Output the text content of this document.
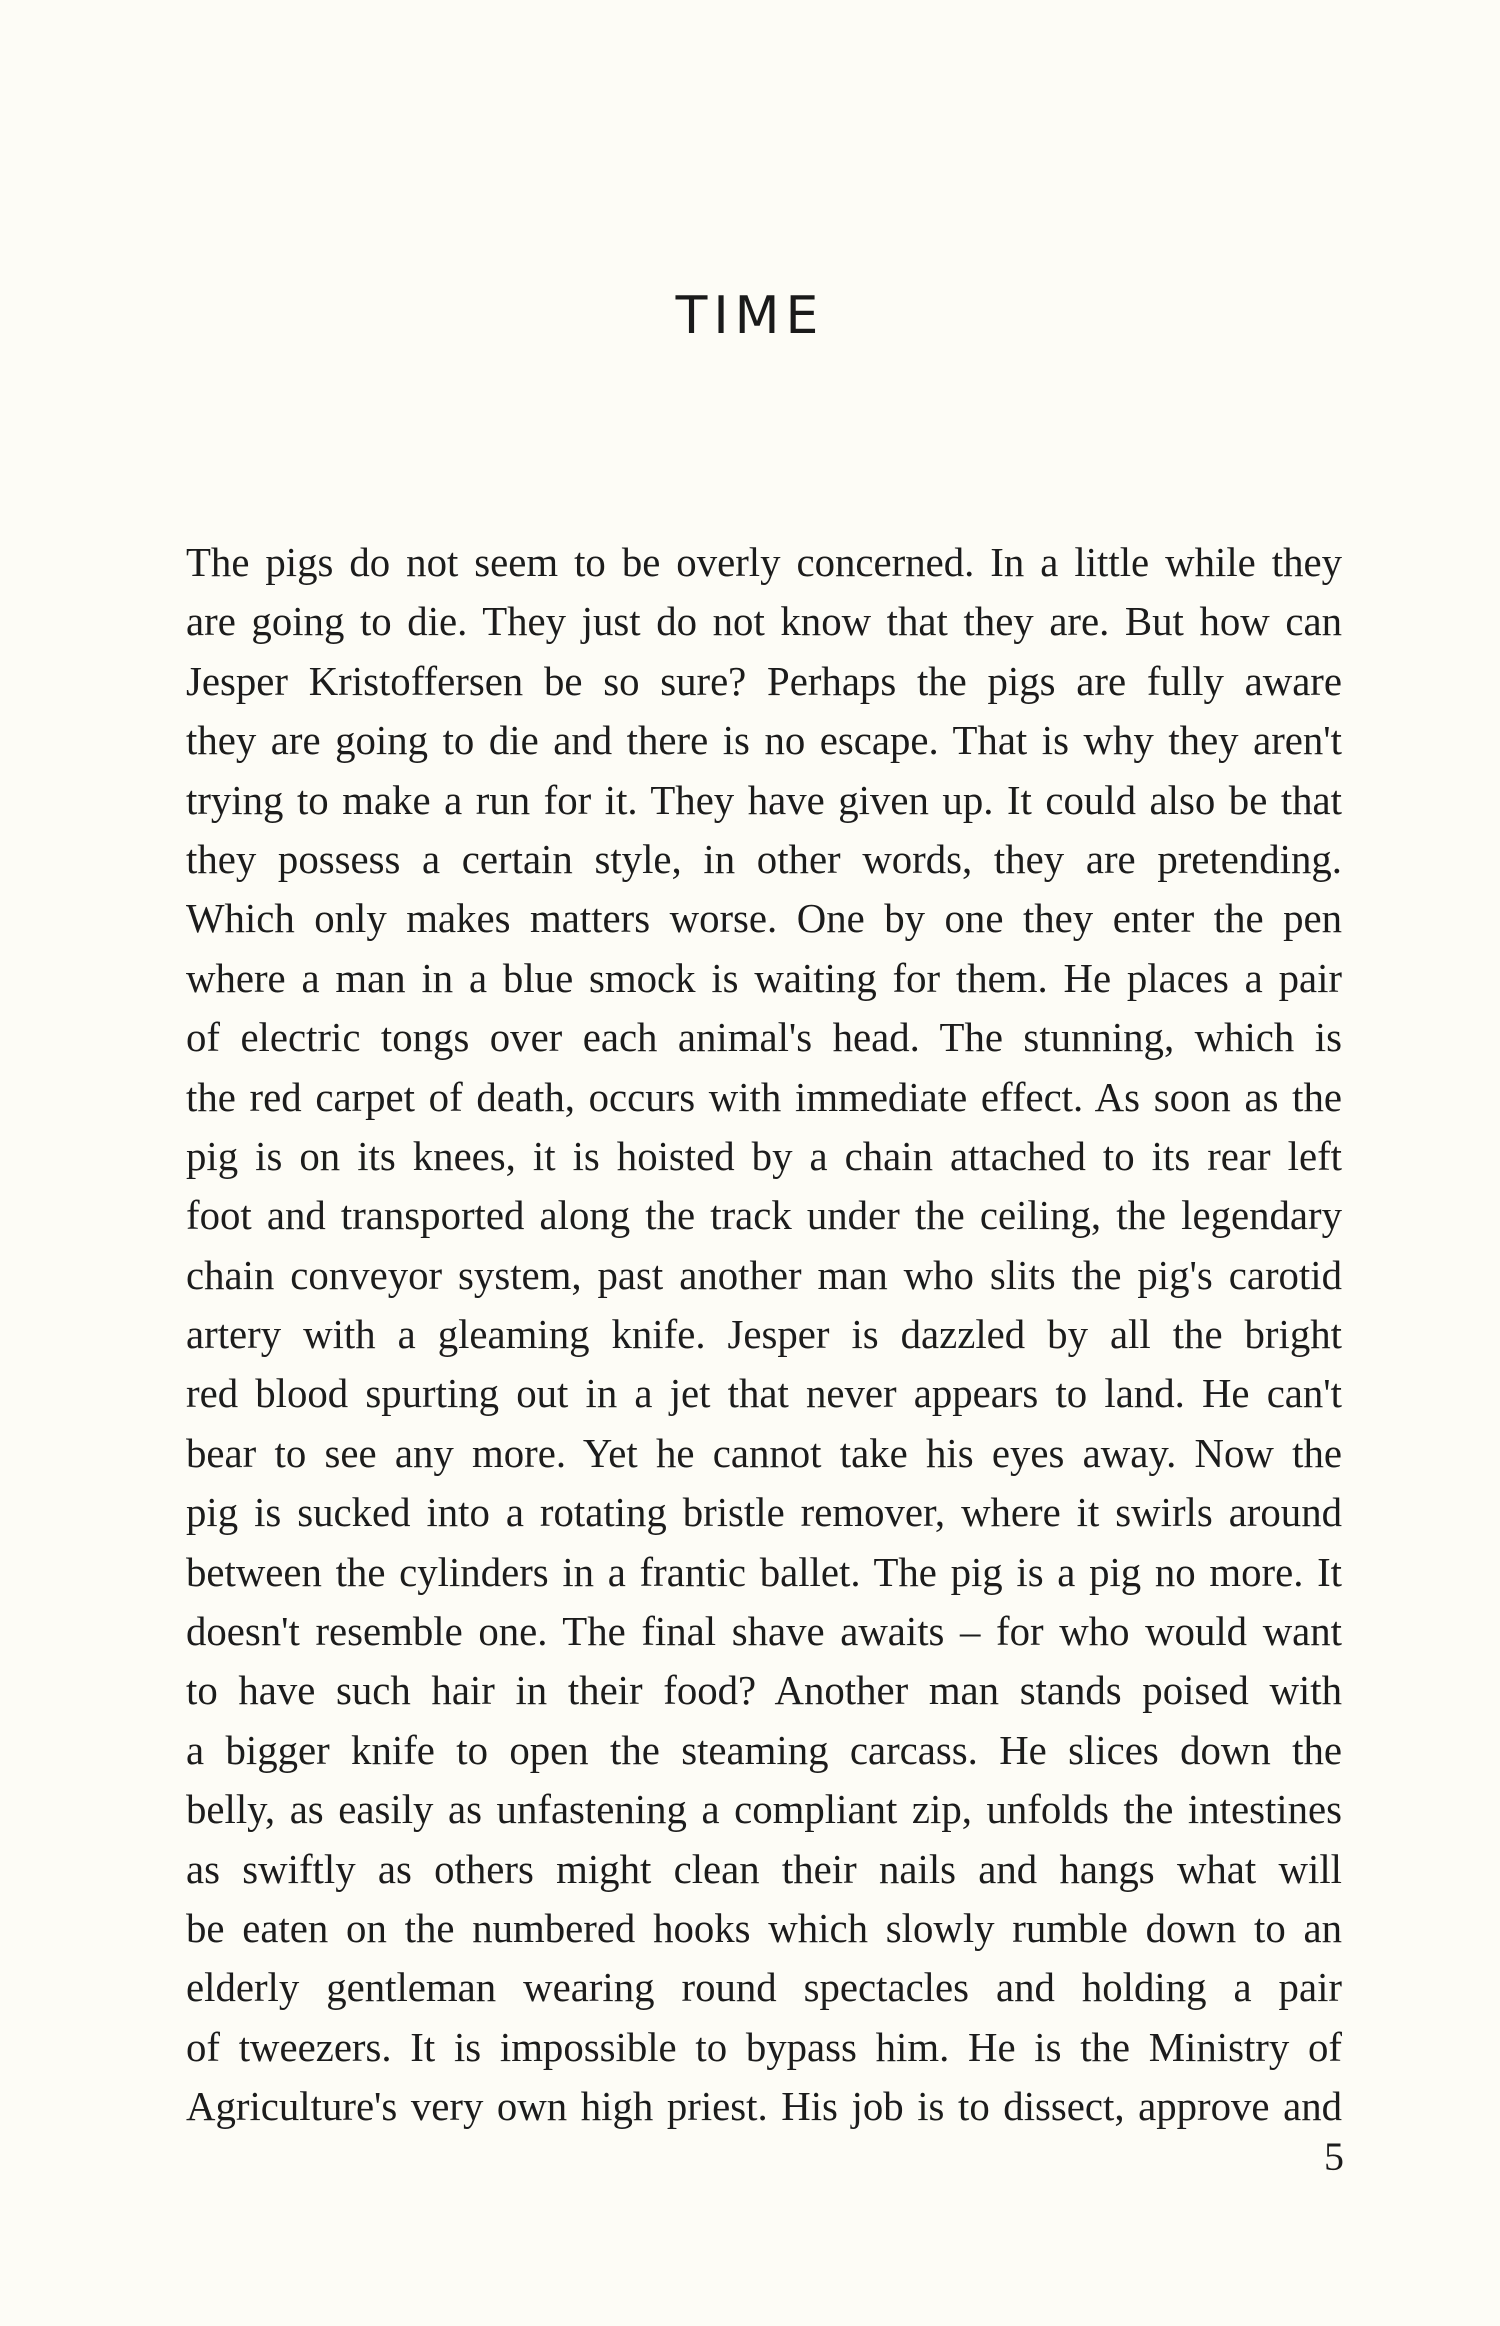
TIME
The pigs do not seem to be overly concerned. In a little while they
are going to die. They just do not know that they are. But how can
Jesper Kristoffersen be so sure? Perhaps the pigs are fully aware
they are going to die and there is no escape. That is why they aren't
trying to make a run for it. They have given up. It could also be that
they possess a certain style, in other words, they are pretending.
Which only makes matters worse. One by one they enter the pen
where a man in a blue smock is waiting for them. He places a pair
of electric tongs over each animal's head. The stunning, which is
the red carpet of death, occurs with immediate effect. As soon as the
pig is on its knees, it is hoisted by a chain attached to its rear left
foot and transported along the track under the ceiling, the legendary
chain conveyor system, past another man who slits the pig's carotid
artery with a gleaming knife. Jesper is dazzled by all the bright
red blood spurting out in a jet that never appears to land. He can't
bear to see any more. Yet he cannot take his eyes away. Now the
pig is sucked into a rotating bristle remover, where it swirls around
between the cylinders in a frantic ballet. The pig is a pig no more. It
doesn't resemble one. The final shave awaits – for who would want
to have such hair in their food? Another man stands poised with
a bigger knife to open the steaming carcass. He slices down the
belly, as easily as unfastening a compliant zip, unfolds the intestines
as swiftly as others might clean their nails and hangs what will
be eaten on the numbered hooks which slowly rumble down to an
elderly gentleman wearing round spectacles and holding a pair
of tweezers. It is impossible to bypass him. He is the Ministry of
Agriculture's very own high priest. His job is to dissect, approve and
5
